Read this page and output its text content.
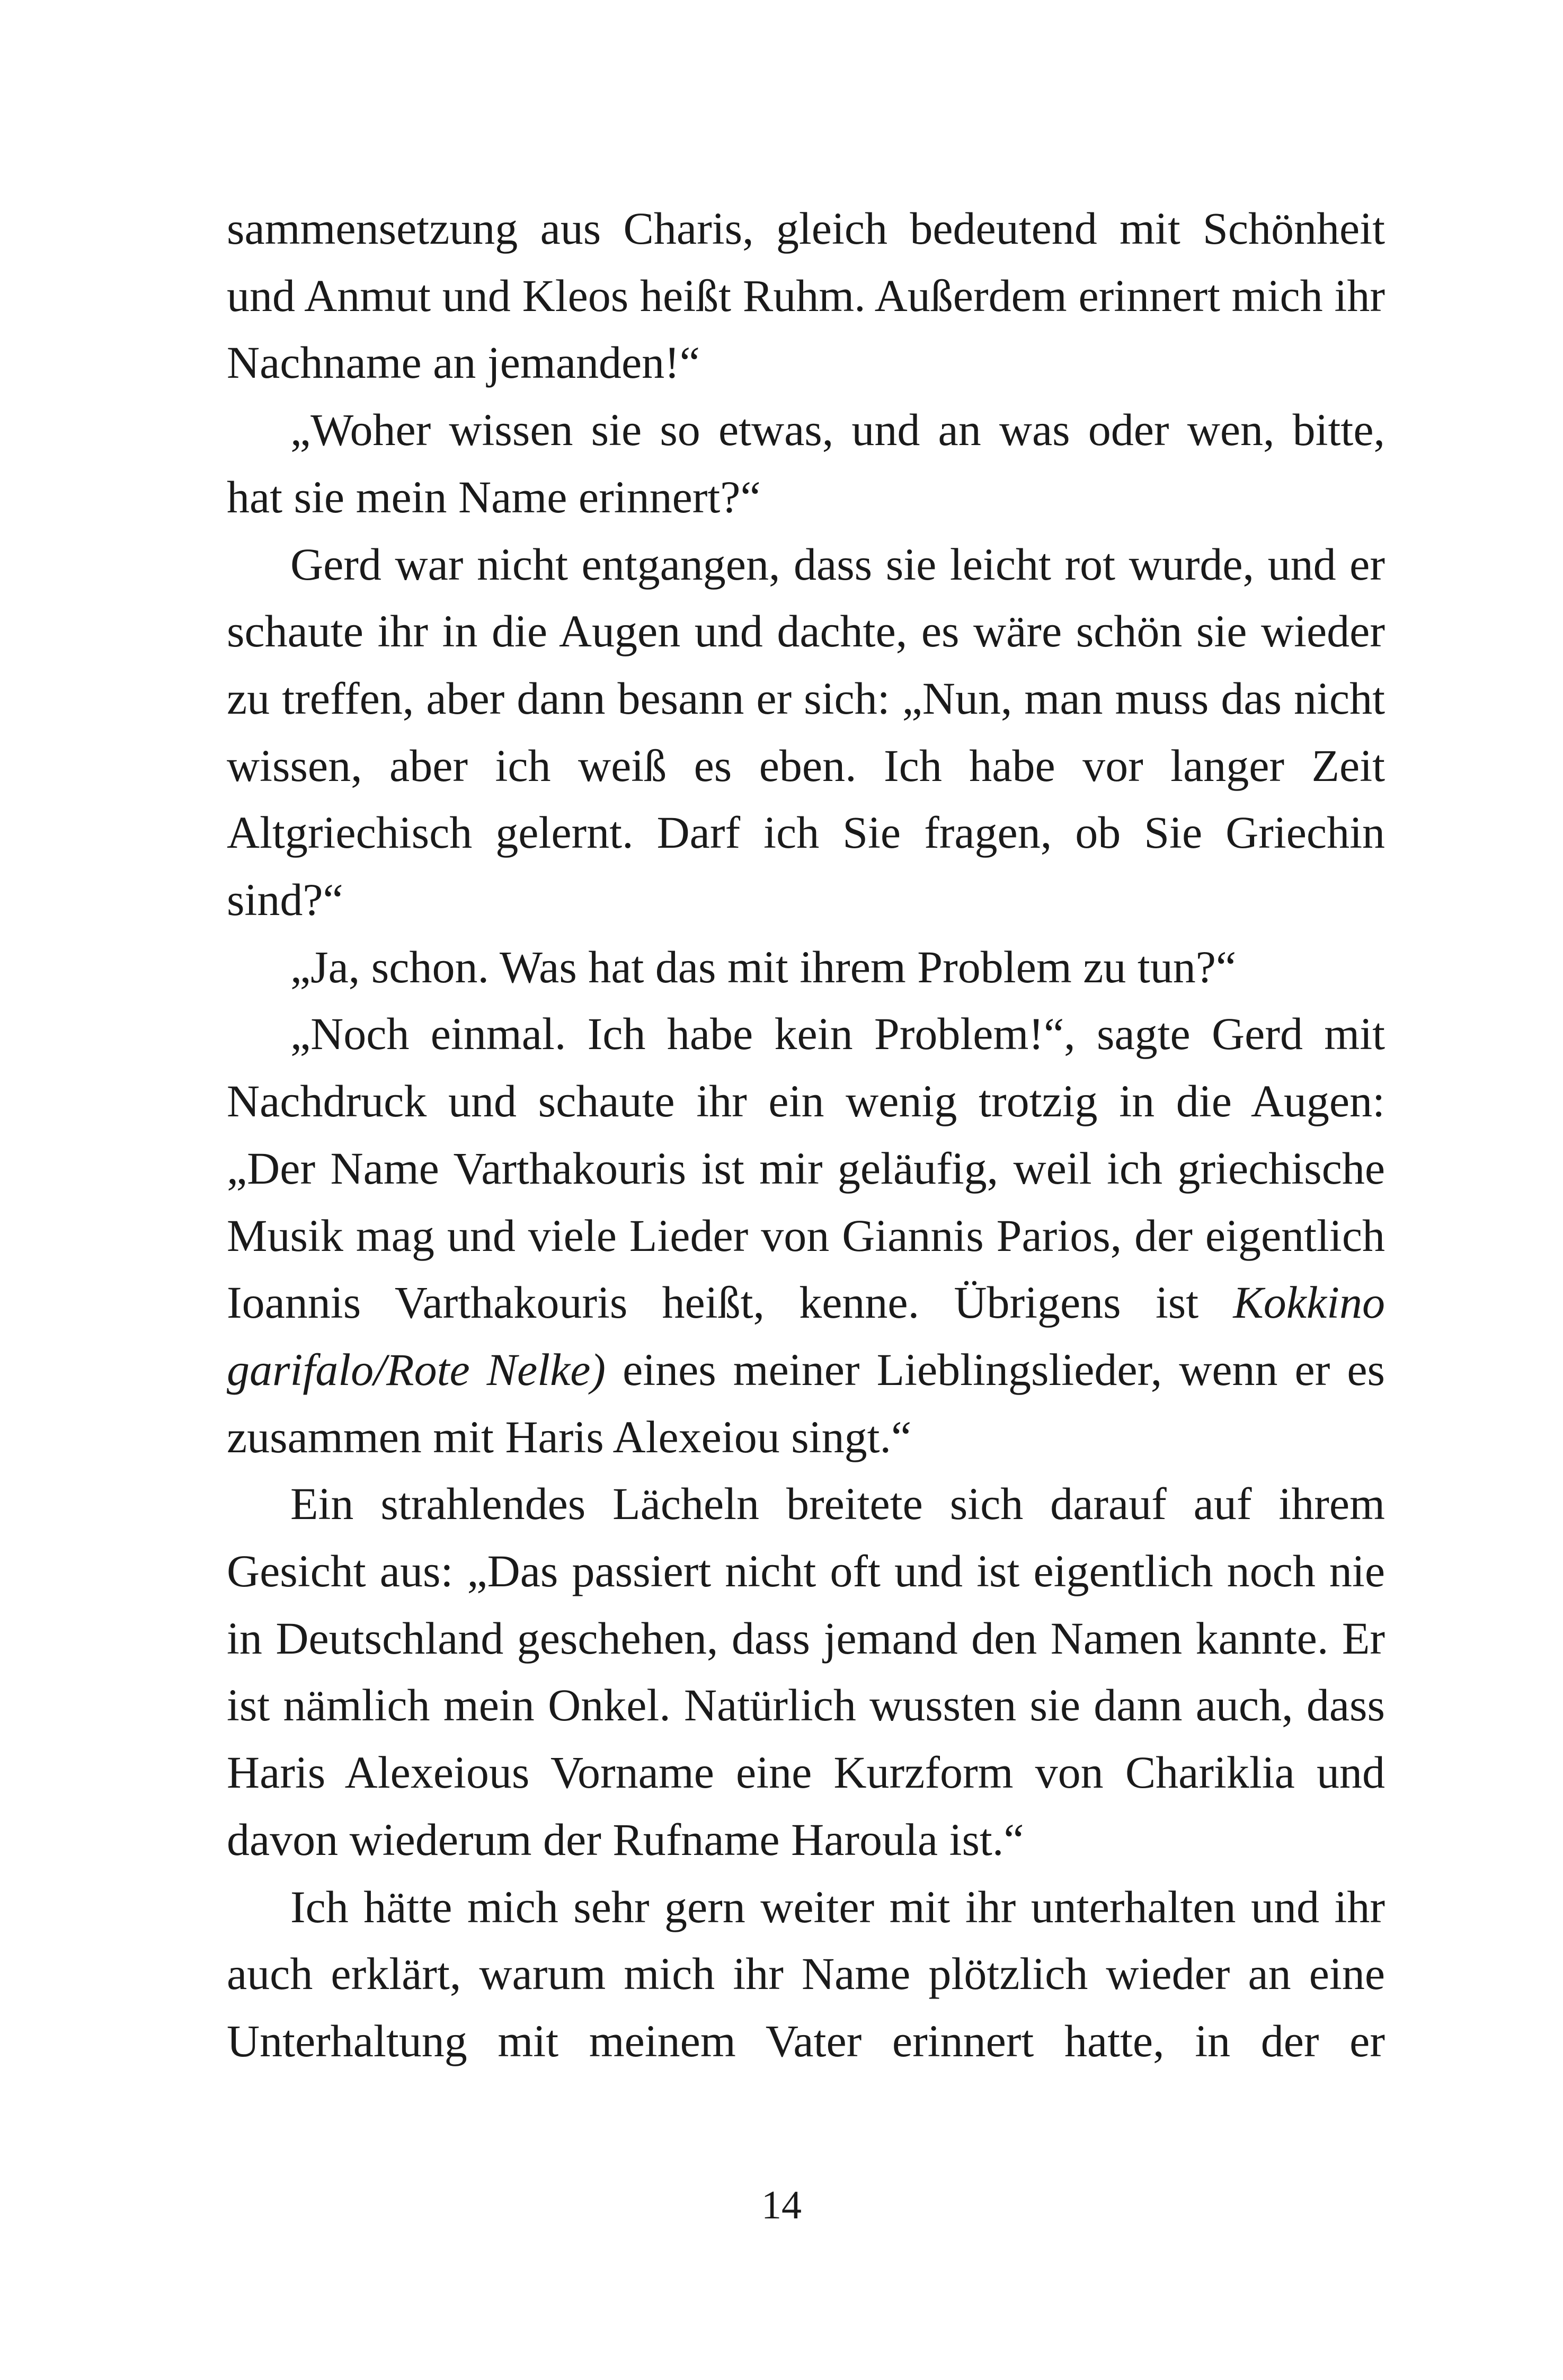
sammensetzung aus Charis, gleich bedeutend mit Schönheit und Anmut und Kleos heißt Ruhm. Außerdem erinnert mich ihr Nachname an jemanden!“

„Woher wissen sie so etwas, und an was oder wen, bitte, hat sie mein Name erinnert?“

Gerd war nicht entgangen, dass sie leicht rot wurde, und er schaute ihr in die Augen und dachte, es wäre schön sie wieder zu treffen, aber dann besann er sich: „Nun, man muss das nicht wissen, aber ich weiß es eben. Ich habe vor langer Zeit Altgriechisch gelernt. Darf ich Sie fragen, ob Sie Griechin sind?“

„Ja, schon. Was hat das mit ihrem Problem zu tun?“

„Noch einmal. Ich habe kein Problem!“, sagte Gerd mit Nachdruck und schaute ihr ein wenig trotzig in die Augen: „Der Name Varthakouris ist mir geläufig, weil ich griechische Musik mag und viele Lieder von Giannis Parios, der eigentlich Ioannis Varthakouris heißt, kenne. Übrigens ist Kokkino garifalo/Rote Nelke) eines meiner Lieblingslieder, wenn er es zusammen mit Haris Alexeiou singt.“

Ein strahlendes Lächeln breitete sich darauf auf ihrem Gesicht aus: „Das passiert nicht oft und ist eigentlich noch nie in Deutschland geschehen, dass jemand den Namen kannte. Er ist nämlich mein Onkel. Natürlich wussten sie dann auch, dass Haris Alexeious Vorname eine Kurzform von Chariklia und davon wiederum der Rufname Haroula ist.“

Ich hätte mich sehr gern weiter mit ihr unterhalten und ihr auch erklärt, warum mich ihr Name plötzlich wieder an eine Unterhaltung mit meinem Vater erinnert hatte, in der er

14
